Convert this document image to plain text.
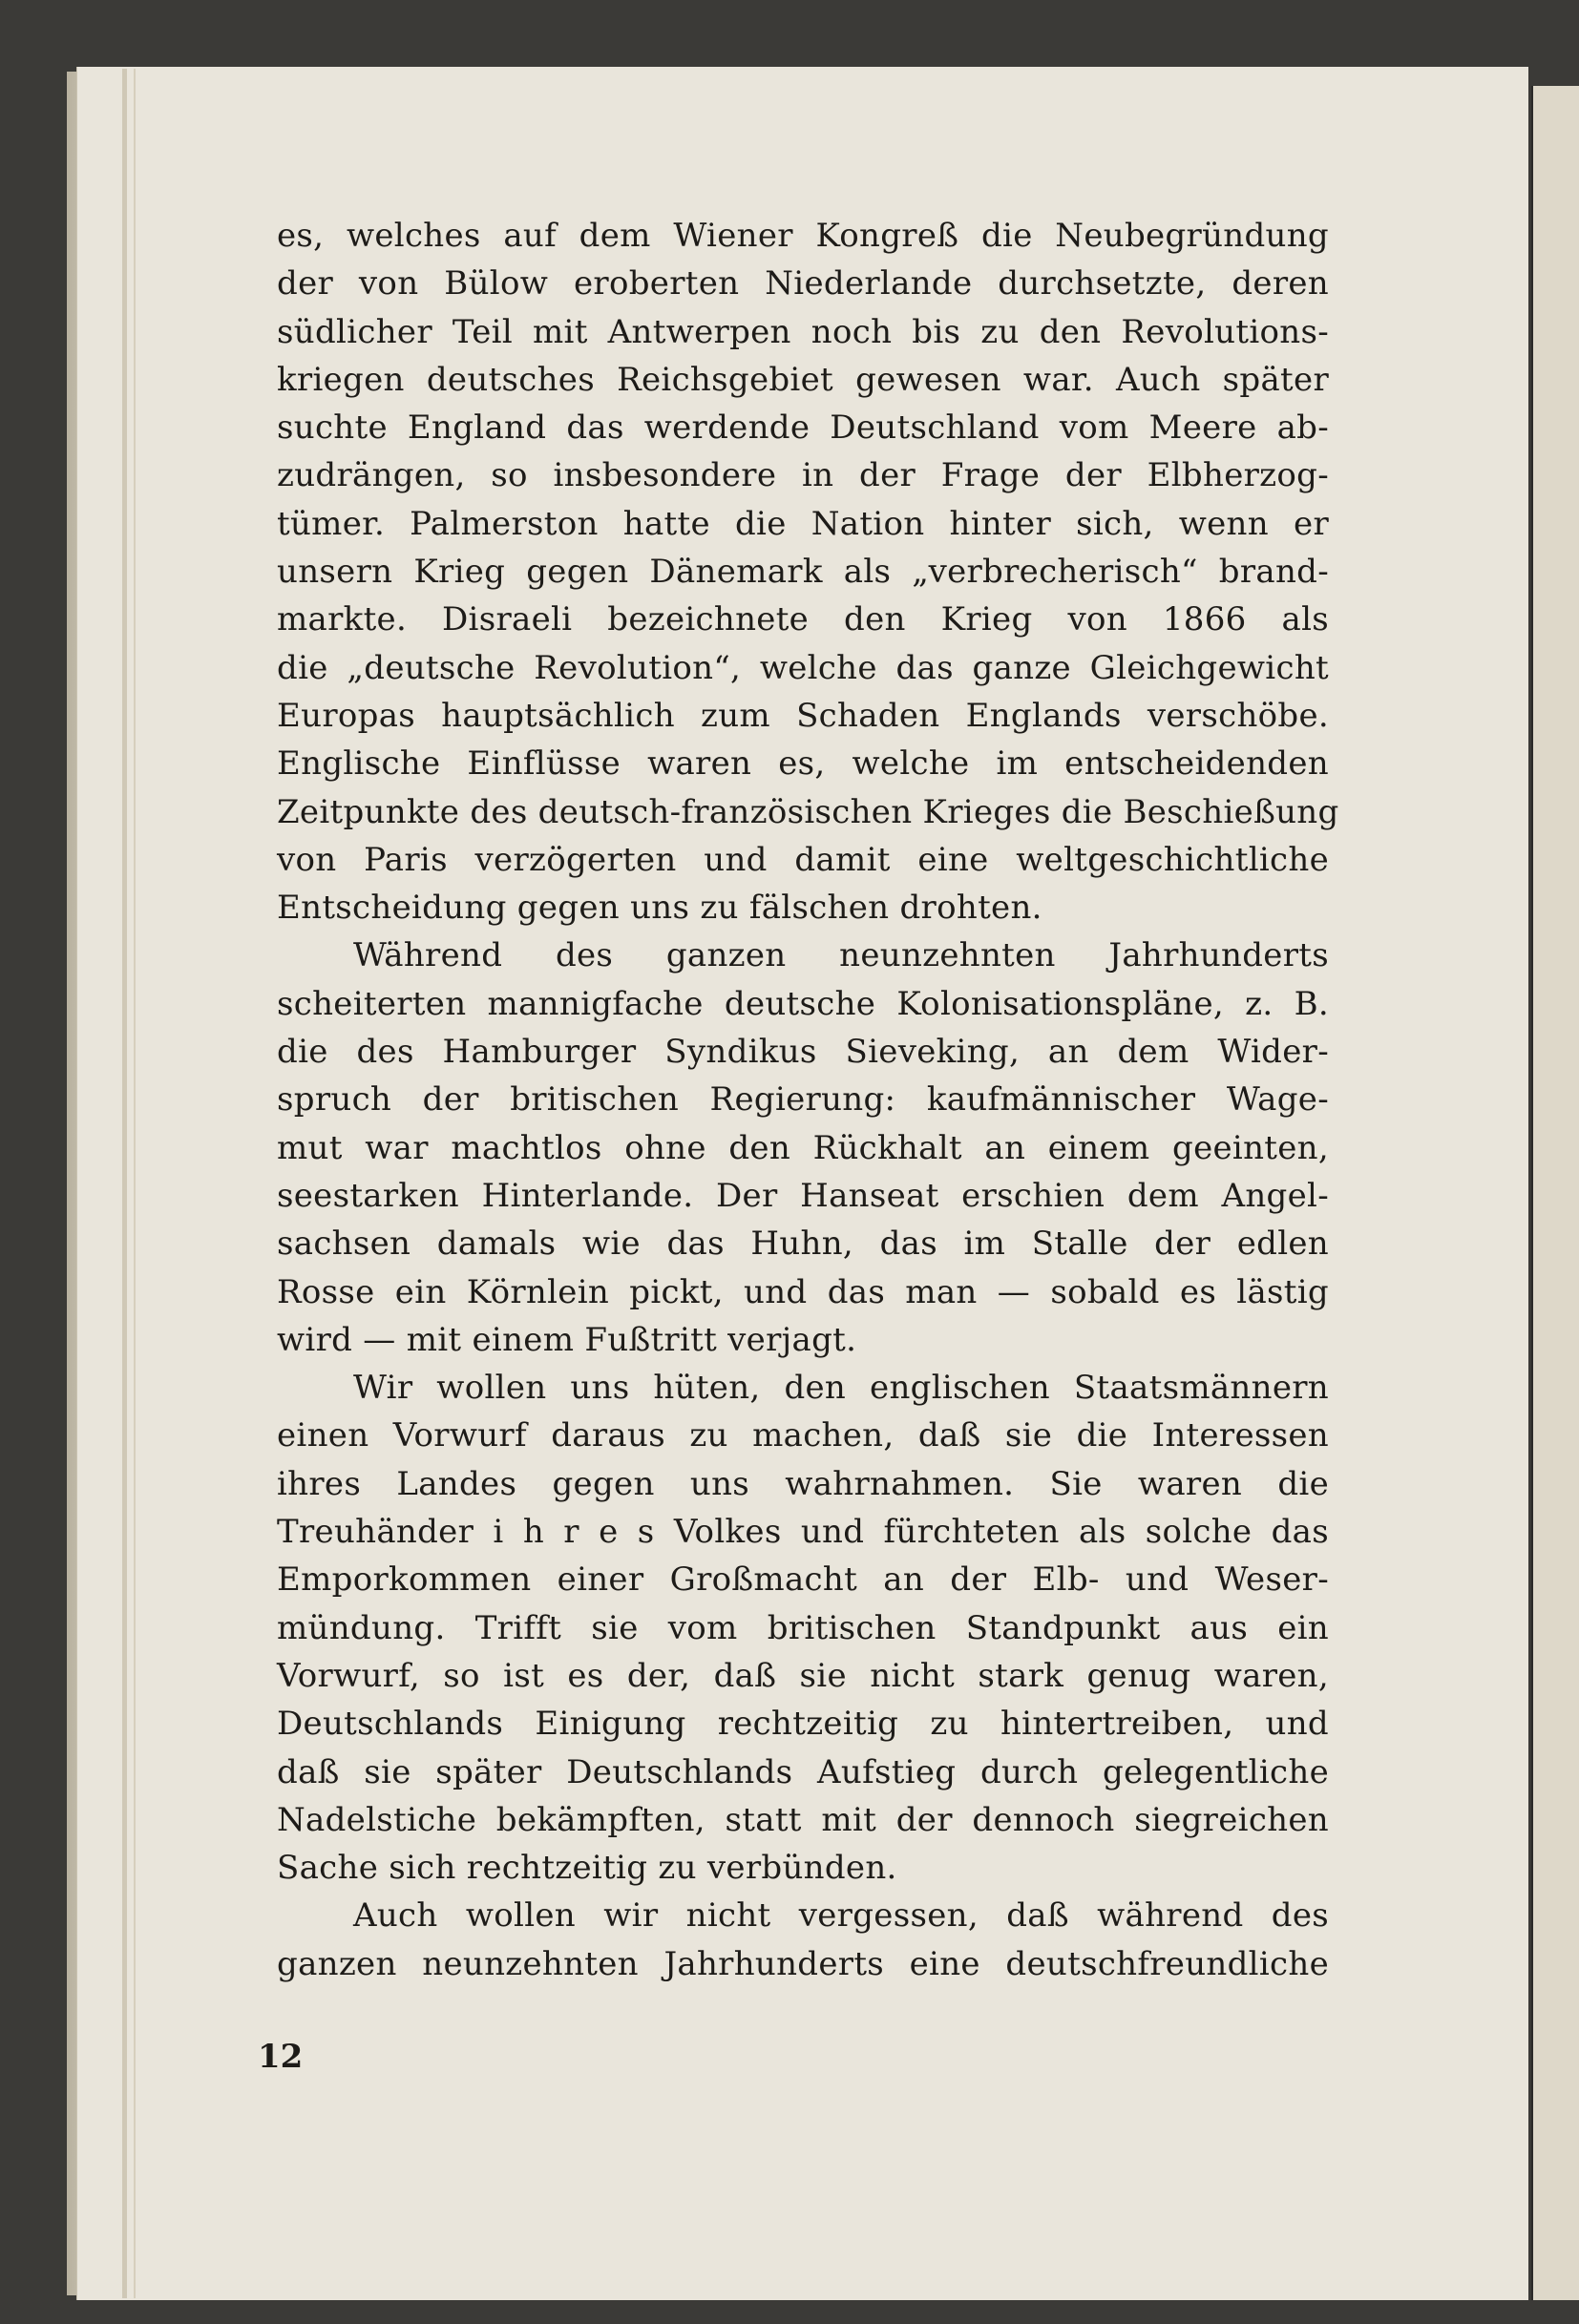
es, welches auf dem Wiener Kongreß die Neubegründung
der von Bülow eroberten Niederlande durchsetzte, deren
südlicher Teil mit Antwerpen noch bis zu den Revolutions-
kriegen deutsches Reichsgebiet gewesen war. Auch später
suchte England das werdende Deutschland vom Meere ab-
zudrängen, so insbesondere in der Frage der Elbherzog-
tümer. Palmerston hatte die Nation hinter sich, wenn er
unsern Krieg gegen Dänemark als „verbrecherisch“ brand-
markte. Disraeli bezeichnete den Krieg von 1866 als
die „deutsche Revolution“, welche das ganze Gleichgewicht
Europas hauptsächlich zum Schaden Englands verschöbe.
Englische Einflüsse waren es, welche im entscheidenden
Zeitpunkte des deutsch-französischen Krieges die Beschießung
von Paris verzögerten und damit eine weltgeschichtliche
Entscheidung gegen uns zu fälschen drohten.
Während des ganzen neunzehnten Jahrhunderts
scheiterten mannigfache deutsche Kolonisationspläne, z. B.
die des Hamburger Syndikus Sieveking, an dem Wider-
spruch der britischen Regierung: kaufmännischer Wage-
mut war machtlos ohne den Rückhalt an einem geeinten,
seestarken Hinterlande. Der Hanseat erschien dem Angel-
sachsen damals wie das Huhn, das im Stalle der edlen
Rosse ein Körnlein pickt, und das man — sobald es lästig
wird — mit einem Fußtritt verjagt.
Wir wollen uns hüten, den englischen Staatsmännern
einen Vorwurf daraus zu machen, daß sie die Interessen
ihres Landes gegen uns wahrnahmen. Sie waren die
Treuhänder i h r e s Volkes und fürchteten als solche das
Emporkommen einer Großmacht an der Elb- und Weser-
mündung. Trifft sie vom britischen Standpunkt aus ein
Vorwurf, so ist es der, daß sie nicht stark genug waren,
Deutschlands Einigung rechtzeitig zu hintertreiben, und
daß sie später Deutschlands Aufstieg durch gelegentliche
Nadelstiche bekämpften, statt mit der dennoch siegreichen
Sache sich rechtzeitig zu verbünden.
Auch wollen wir nicht vergessen, daß während des
ganzen neunzehnten Jahrhunderts eine deutschfreundliche
12
